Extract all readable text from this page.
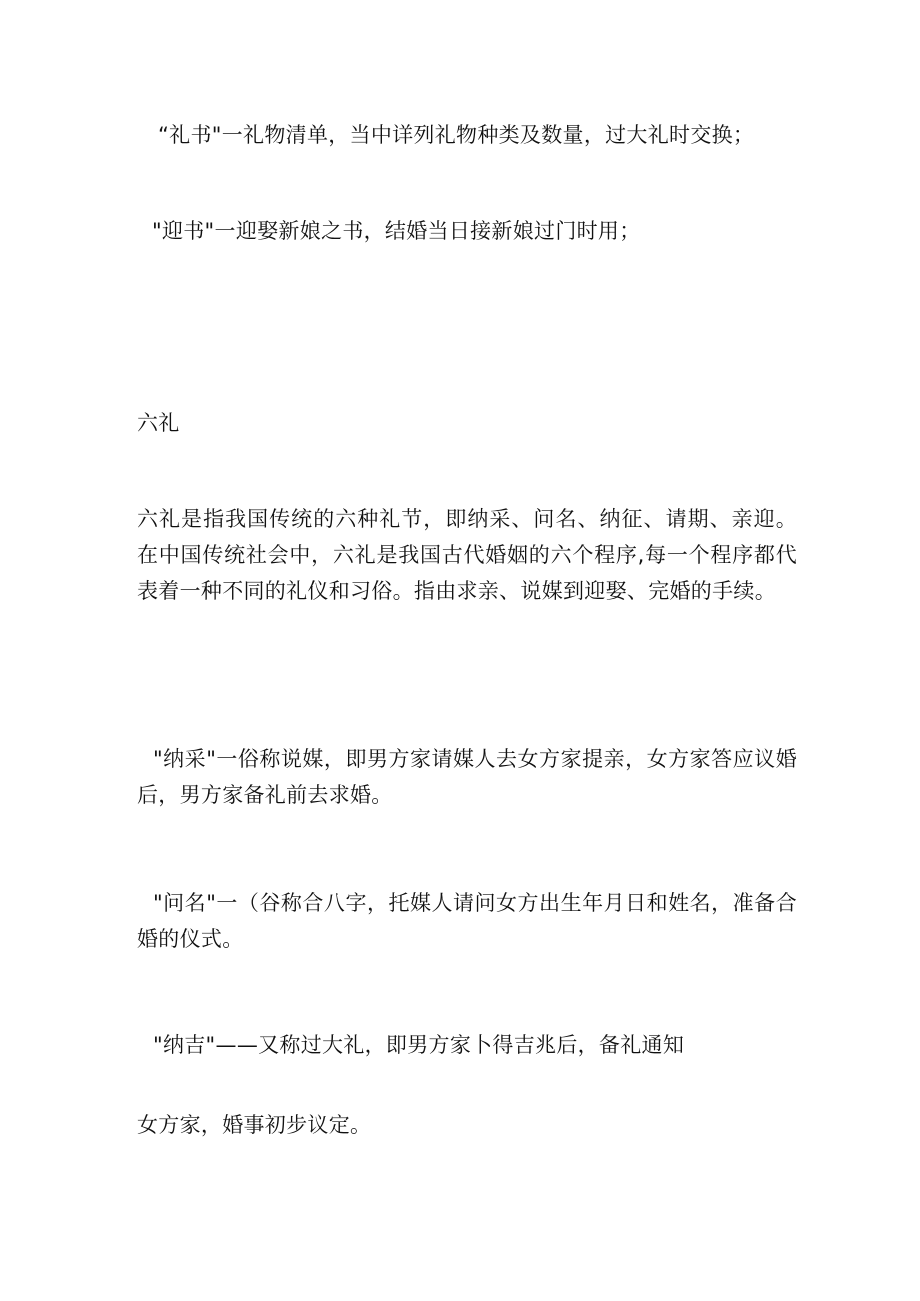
“礼书"一礼物清单，当中详列礼物种类及数量，过大礼时交换；
"迎书"一迎娶新娘之书，结婚当日接新娘过门时用；
六礼
六礼是指我国传统的六种礼节，即纳采、问名、纳征、请期、亲迎。在中国传统社会中，六礼是我国古代婚姻的六个程序,每一个程序都代表着一种不同的礼仪和习俗。指由求亲、说媒到迎娶、完婚的手续。
"纳采"一俗称说媒，即男方家请媒人去女方家提亲，女方家答应议婚后，男方家备礼前去求婚。
"问名"一（谷称合八字，托媒人请问女方出生年月日和姓名，准备合婚的仪式。
"纳吉"——又称过大礼，即男方家卜得吉兆后，备礼通知
女方家，婚事初步议定。
